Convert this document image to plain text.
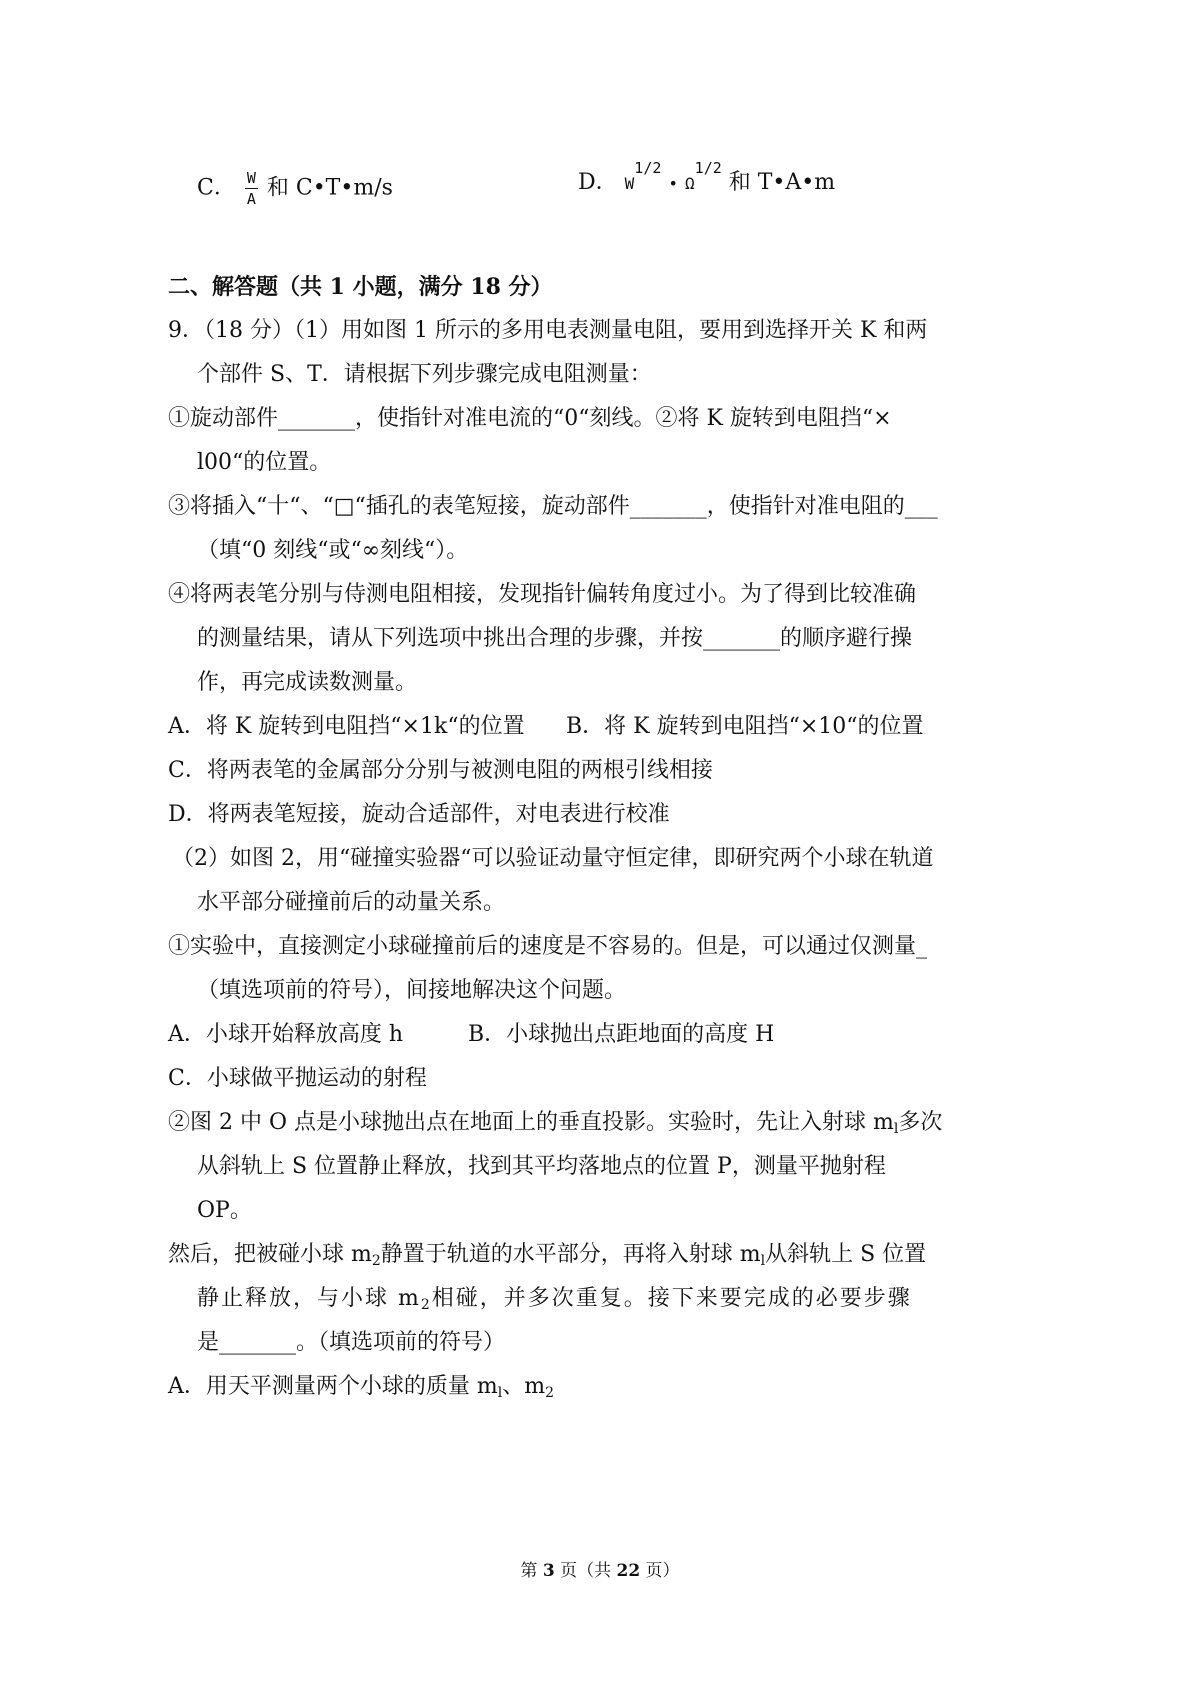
C． $\frac{W}{A}$ 和 C•T•m/s	D． $W^{1/2}$ • $\Omega^{1/2}$ 和 T•A•m
二、解答题（共 1 小题，满分 18 分）
9．（18 分）（1）用如图 1 所示的多用电表测量电阻，要用到选择开关 K 和两
个部件 S、T．请根据下列步骤完成电阻测量：
①旋动部件_______，使指针对准电流的“0“刻线。②将 K 旋转到电阻挡“×
l00“的位置。
③将插入“十“、“□“插孔的表笔短接，旋动部件_______，使指针对准电阻的___
（填“0 刻线“或“∞刻线“）。
④将两表笔分别与侍测电阻相接，发现指针偏转角度过小。为了得到比较准确
的测量结果，请从下列选项中挑出合理的步骤，并按_______的顺序避行操
作，再完成读数测量。
A．将 K 旋转到电阻挡“×1k“的位置 B．将 K 旋转到电阻挡“×10“的位置
C．将两表笔的金属部分分别与被测电阻的两根引线相接
D．将两表笔短接，旋动合适部件，对电表进行校准
（2）如图 2，用“碰撞实验器“可以验证动量守恒定律，即研究两个小球在轨道
水平部分碰撞前后的动量关系。
①实验中，直接测定小球碰撞前后的速度是不容易的。但是，可以通过仅测量_
（填选项前的符号），间接地解决这个问题。
A．小球开始释放高度 h	B．小球抛出点距地面的高度 H
C．小球做平抛运动的射程
②图 2 中 O 点是小球抛出点在地面上的垂直投影。实验时，先让入射球 $m_l$多次
从斜轨上 S 位置静止释放，找到其平均落地点的位置 P，测量平抛射程
OP。
然后，把被碰小球 $m_2$静置于轨道的水平部分，再将入射球 $m_l$从斜轨上 S 位置
静止释放，与小球 $m_2$相碰，并多次重复。接下来要完成的必要步骤
是_______。（填选项前的符号）
A．用天平测量两个小球的质量 $m_l$、$m_2$
第 3 页（共 22 页）
